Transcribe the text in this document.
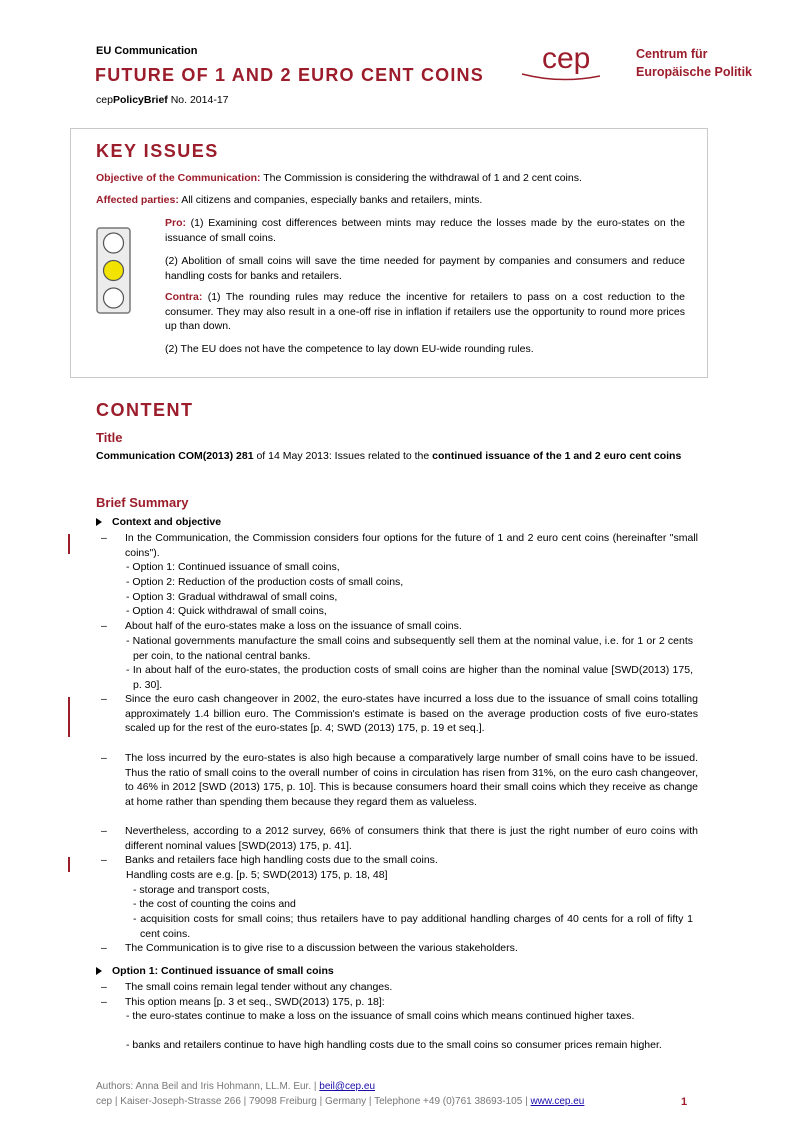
EU Communication
FUTURE OF 1 AND 2 EURO CENT COINS
cepPolicyBrief No. 2014-17
cep	Centrum für
Europäische Politik
KEY ISSUES
Objective of the Communication: The Commission is considering the withdrawal of 1 and 2 cent coins.
Affected parties: All citizens and companies, especially banks and retailers, mints.
Pro: (1) Examining cost differences between mints may reduce the losses made by the euro-states on the issuance of small coins.
(2) Abolition of small coins will save the time needed for payment by companies and consumers and reduce handling costs for banks and retailers.
Contra: (1) The rounding rules may reduce the incentive for retailers to pass on a cost reduction to the consumer. They may also result in a one-off rise in inflation if retailers use the opportunity to round more prices up than down.
(2) The EU does not have the competence to lay down EU-wide rounding rules.
CONTENT
Title
Communication COM(2013) 281 of 14 May 2013: Issues related to the continued issuance of the 1 and 2 euro cent coins
Brief Summary
Context and objective
– In the Communication, the Commission considers four options for the future of 1 and 2 euro cent coins (hereinafter "small coins").
- Option 1: Continued issuance of small coins,
- Option 2: Reduction of the production costs of small coins,
- Option 3: Gradual withdrawal of small coins,
- Option 4: Quick withdrawal of small coins,
– About half of the euro-states make a loss on the issuance of small coins.
- National governments manufacture the small coins and subsequently sell them at the nominal value, i.e. for 1 or 2 cents per coin, to the national central banks.
- In about half of the euro-states, the production costs of small coins are higher than the nominal value [SWD(2013) 175, p. 30].
– Since the euro cash changeover in 2002, the euro-states have incurred a loss due to the issuance of small coins totalling approximately 1.4 billion euro. The Commission's estimate is based on the average production costs of five euro-states scaled up for the rest of the euro-states [p. 4; SWD (2013) 175, p. 19 et seq.].
– The loss incurred by the euro-states is also high because a comparatively large number of small coins have to be issued. Thus the ratio of small coins to the overall number of coins in circulation has risen from 31%, on the euro cash changeover, to 46% in 2012 [SWD (2013) 175, p. 10]. This is because consumers hoard their small coins which they receive as change at home rather than spending them because they regard them as valueless.
– Nevertheless, according to a 2012 survey, 66% of consumers think that there is just the right number of euro coins with different nominal values [SWD(2013) 175, p. 41].
– Banks and retailers face high handling costs due to the small coins.
Handling costs are e.g. [p. 5; SWD(2013) 175, p. 18, 48]
- storage and transport costs,
- the cost of counting the coins and
- acquisition costs for small coins; thus retailers have to pay additional handling charges of 40 cents for a roll of fifty 1 cent coins.
– The Communication is to give rise to a discussion between the various stakeholders.
Option 1: Continued issuance of small coins
– The small coins remain legal tender without any changes.
– This option means [p. 3 et seq., SWD(2013) 175, p. 18]:
- the euro-states continue to make a loss on the issuance of small coins which means continued higher taxes.
- banks and retailers continue to have high handling costs due to the small coins so consumer prices remain higher.
Authors: Anna Beil and Iris Hohmann, LL.M. Eur. | beil@cep.eu
cep | Kaiser-Joseph-Strasse 266 | 79098 Freiburg | Germany | Telephone +49 (0)761 38693-105 | www.cep.eu	1
